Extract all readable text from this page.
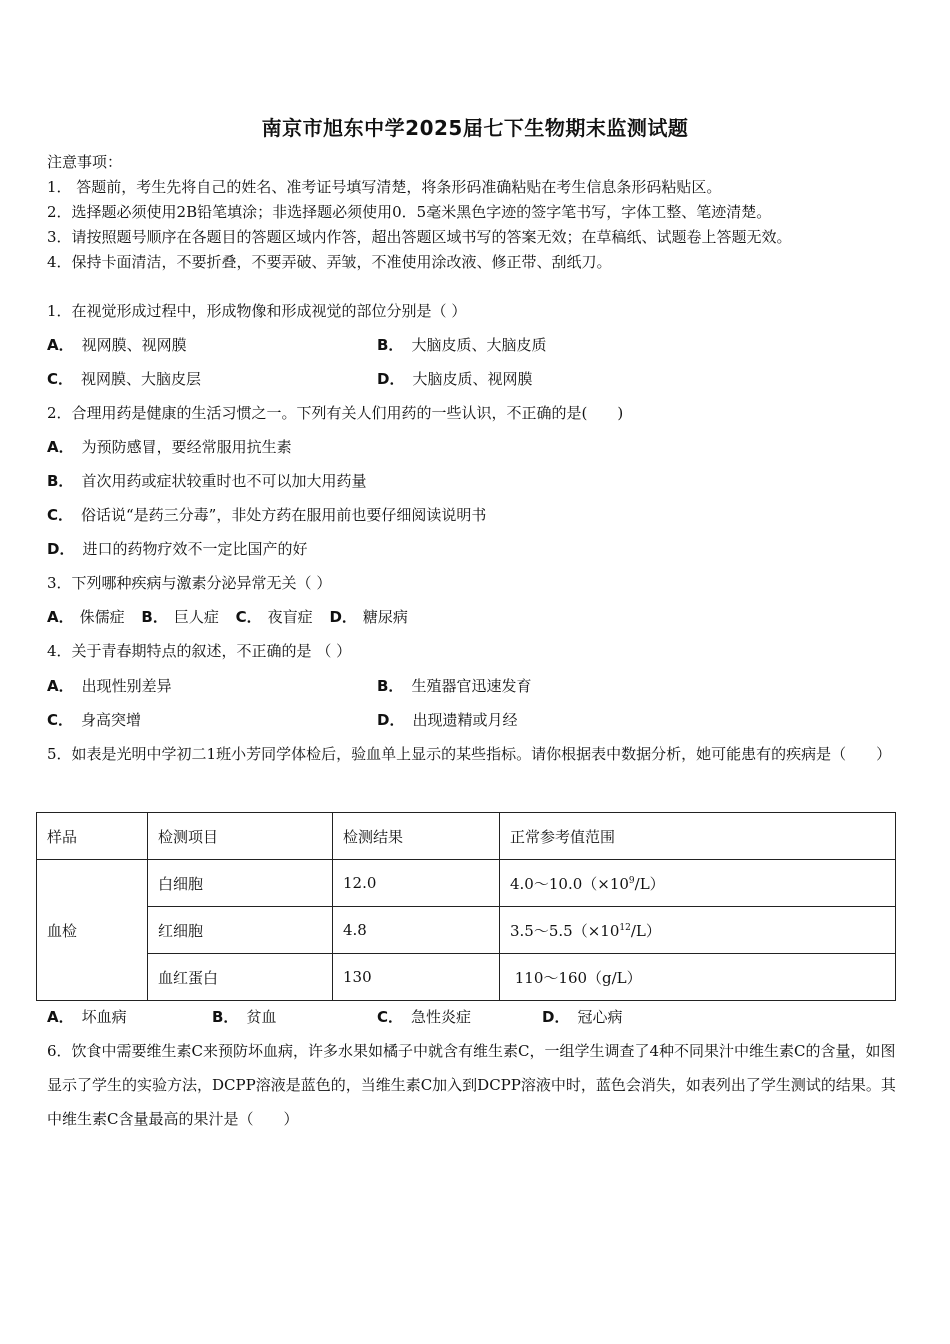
南京市旭东中学2025届七下生物期末监测试题
注意事项：
1． 答题前，考生先将自己的姓名、准考证号填写清楚，将条形码准确粘贴在考生信息条形码粘贴区。
2．选择题必须使用2B铅笔填涂；非选择题必须使用0．5毫米黑色字迹的签字笔书写，字体工整、笔迹清楚。
3．请按照题号顺序在各题目的答题区域内作答，超出答题区域书写的答案无效；在草稿纸、试题卷上答题无效。
4．保持卡面清洁，不要折叠，不要弄破、弄皱，不准使用涂改液、修正带、刮纸刀。
1．在视觉形成过程中，形成物像和形成视觉的部位分别是（ ）
A． 视网膜、视网膜	B． 大脑皮质、大脑皮质
C． 视网膜、大脑皮层	D． 大脑皮质、视网膜
2．合理用药是健康的生活习惯之一。下列有关人们用药的一些认识，不正确的是(　　)
A． 为预防感冒，要经常服用抗生素
B． 首次用药或症状较重时也不可以加大用药量
C． 俗话说“是药三分毒”，非处方药在服用前也要仔细阅读说明书
D． 进口的药物疗效不一定比国产的好
3．下列哪种疾病与激素分泌异常无关（ ）
A． 侏儒症 B． 巨人症 C． 夜盲症 D． 糖尿病
4．关于青春期特点的叙述，不正确的是 （ ）
A． 出现性别差异	B． 生殖器官迅速发育
C． 身高突增	D． 出现遗精或月经
5．如表是光明中学初二1班小芳同学体检后，验血单上显示的某些指标。请你根据表中数据分析，她可能患有的疾病是（　　）
样品	检测项目	检测结果	正常参考值范围
血检	白细胞	12.0	$4.0\sim 10.0(\times 10^9/L)$
	红细胞	4.8	$3.5\sim 5.5(\times 10^{12}/L)$
	血红蛋白	130	110～160（g/L）
A． 坏血病	B． 贫血	C． 急性炎症	D． 冠心病
6．饮食中需要维生素C来预防坏血病，许多水果如橘子中就含有维生素C，一组学生调查了4种不同果汁中维生素C的含量，如图显示了学生的实验方法，DCPP溶液是蓝色的，当维生素C加入到DCPP溶液中时，蓝色会消失，如表列出了学生测试的结果。其中维生素C含量最高的果汁是（　　）
